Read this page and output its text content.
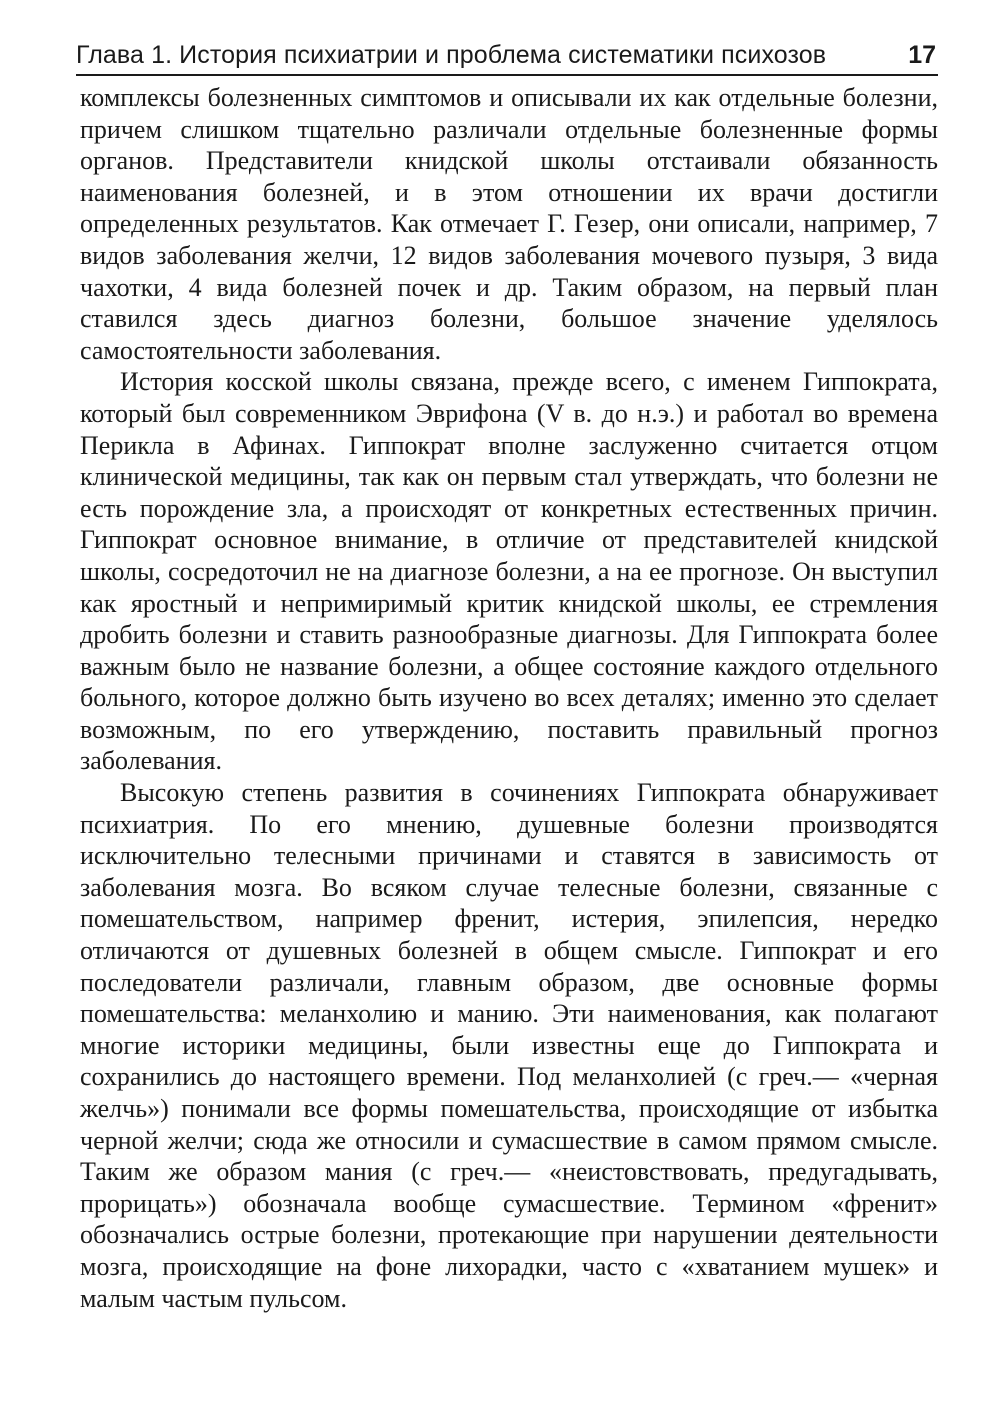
Глава 1. История психиатрии и проблема систематики психозов	17

комплексы болезненных симптомов и описывали их как отдельные болезни, причем слишком тщательно различали отдельные болезненные формы органов. Представители книдской школы отстаивали обязанность наименования болезней, и в этом отношении их врачи достигли определенных результатов. Как отмечает Г. Гезер, они описали, например, 7 видов заболевания желчи, 12 видов заболевания мочевого пузыря, 3 вида чахотки, 4 вида болезней почек и др. Таким образом, на первый план ставился здесь диагноз болезни, большое значение уделялось самостоятельности заболевания.

История косской школы связана, прежде всего, с именем Гиппократа, который был современником Эврифона (V в. до н.э.) и работал во времена Перикла в Афинах. Гиппократ вполне заслуженно считается отцом клинической медицины, так как он первым стал утверждать, что болезни не есть порождение зла, а происходят от конкретных естественных причин. Гиппократ основное внимание, в отличие от представителей книдской школы, сосредоточил не на диагнозе болезни, а на ее прогнозе. Он выступил как яростный и непримиримый критик книдской школы, ее стремления дробить болезни и ставить разнообразные диагнозы. Для Гиппократа более важным было не название болезни, а общее состояние каждого отдельного больного, которое должно быть изучено во всех деталях; именно это сделает возможным, по его утверждению, поставить правильный прогноз заболевания.

Высокую степень развития в сочинениях Гиппократа обнаруживает психиатрия. По его мнению, душевные болезни производятся исключительно телесными причинами и ставятся в зависимость от заболевания мозга. Во всяком случае телесные болезни, связанные с помешательством, например френит, истерия, эпилепсия, нередко отличаются от душевных болезней в общем смысле. Гиппократ и его последователи различали, главным образом, две основные формы помешательства: меланхолию и манию. Эти наименования, как полагают многие историки медицины, были известны еще до Гиппократа и сохранились до настоящего времени. Под меланхолией (с греч.— «черная желчь») понимали все формы помешательства, происходящие от избытка черной желчи; сюда же относили и сумасшествие в самом прямом смысле. Таким же образом мания (с греч.— «неистовствовать, предугадывать, прорицать») обозначала вообще сумасшествие. Термином «френит» обозначались острые болезни, протекающие при нарушении деятельности мозга, происходящие на фоне лихорадки, часто с «хватанием мушек» и малым частым пульсом.
